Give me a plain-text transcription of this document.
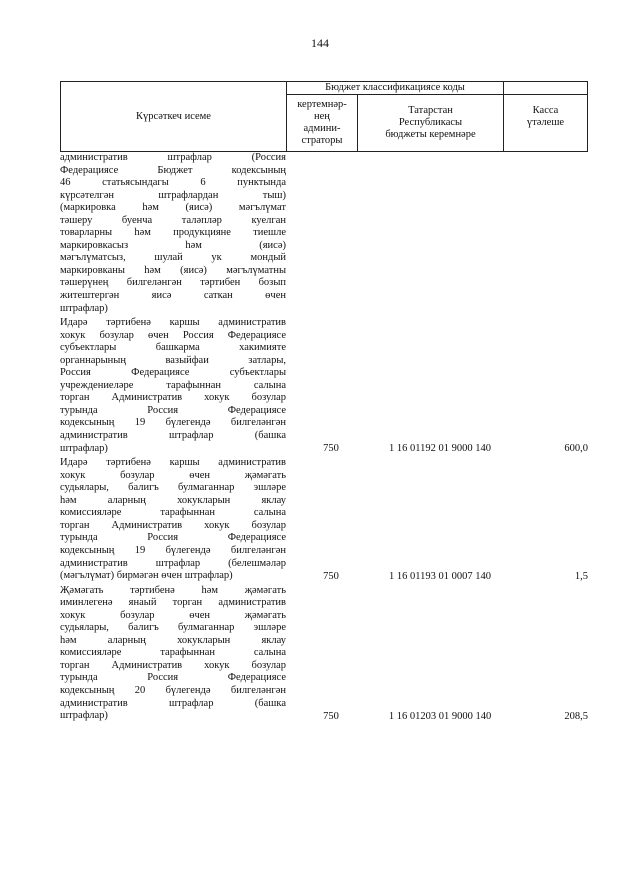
144
Күрсәткеч исеме
Бюджет классификациясе коды
кертемнәр-
нең
админи-
страторы
Татарстан
Республикасы
бюджеты керемнәре
Касса
үтәлеше
административ штрафлар (Россия
Федерациясе Бюджет кодексының
46 статьясындагы 6 пунктында
күрсәтелгән штрафлардан тыш)
(маркировка һәм (яисә) мәгълүмат
тәшеру буенча таләпләр куелган
товарларны һәм продукцияне тиешле
маркировкасыз һәм (яисә)
мәгълүматсыз, шулай ук мондый
маркировканы һәм (яисә) мәгълүматны
тәшерүнең билгеләнгән тәртибен бозып
житештергән яисә саткан өчен
штрафлар)
Идарә тәртибенә каршы административ
хокук бозулар өчен Россия Федерациясе
субъектлары башкарма хакимияте
органнарының вазыйфаи затлары,
Россия Федерациясе субъектлары
учреждениеләре тарафыннан салына
торган Административ хокук бозулар
турында Россия Федерациясе
кодексының 19 бүлегендә билгеләнгән
административ штрафлар (башка
штрафлар)	750	1 16 01192 01 9000 140	600,0
Идарә тәртибенә каршы административ
хокук бозулар өчен җәмәгать
судьялары, балигъ булмаганнар эшләре
һәм аларның хокукларын яклау
комиссияләре тарафыннан салына
торган Административ хокук бозулар
турында Россия Федерациясе
кодексының 19 бүлегендә билгеләнгән
административ штрафлар (белешмәләр
(мәгълүмат) бирмәгән өчен штрафлар)	750	1 16 01193 01 0007 140	1,5
Җәмәгать тәртибенә һәм җәмәгать
иминлегенә янаый торган административ
хокук бозулар өчен җәмәгать
судьялары, балигъ булмаганнар эшләре
һәм аларның хокукларын яклау
комиссияләре тарафыннан салына
торган Административ хокук бозулар
турында Россия Федерациясе
кодексының 20 бүлегендә билгеләнгән
административ штрафлар (башка
штрафлар)	750	1 16 01203 01 9000 140	208,5
